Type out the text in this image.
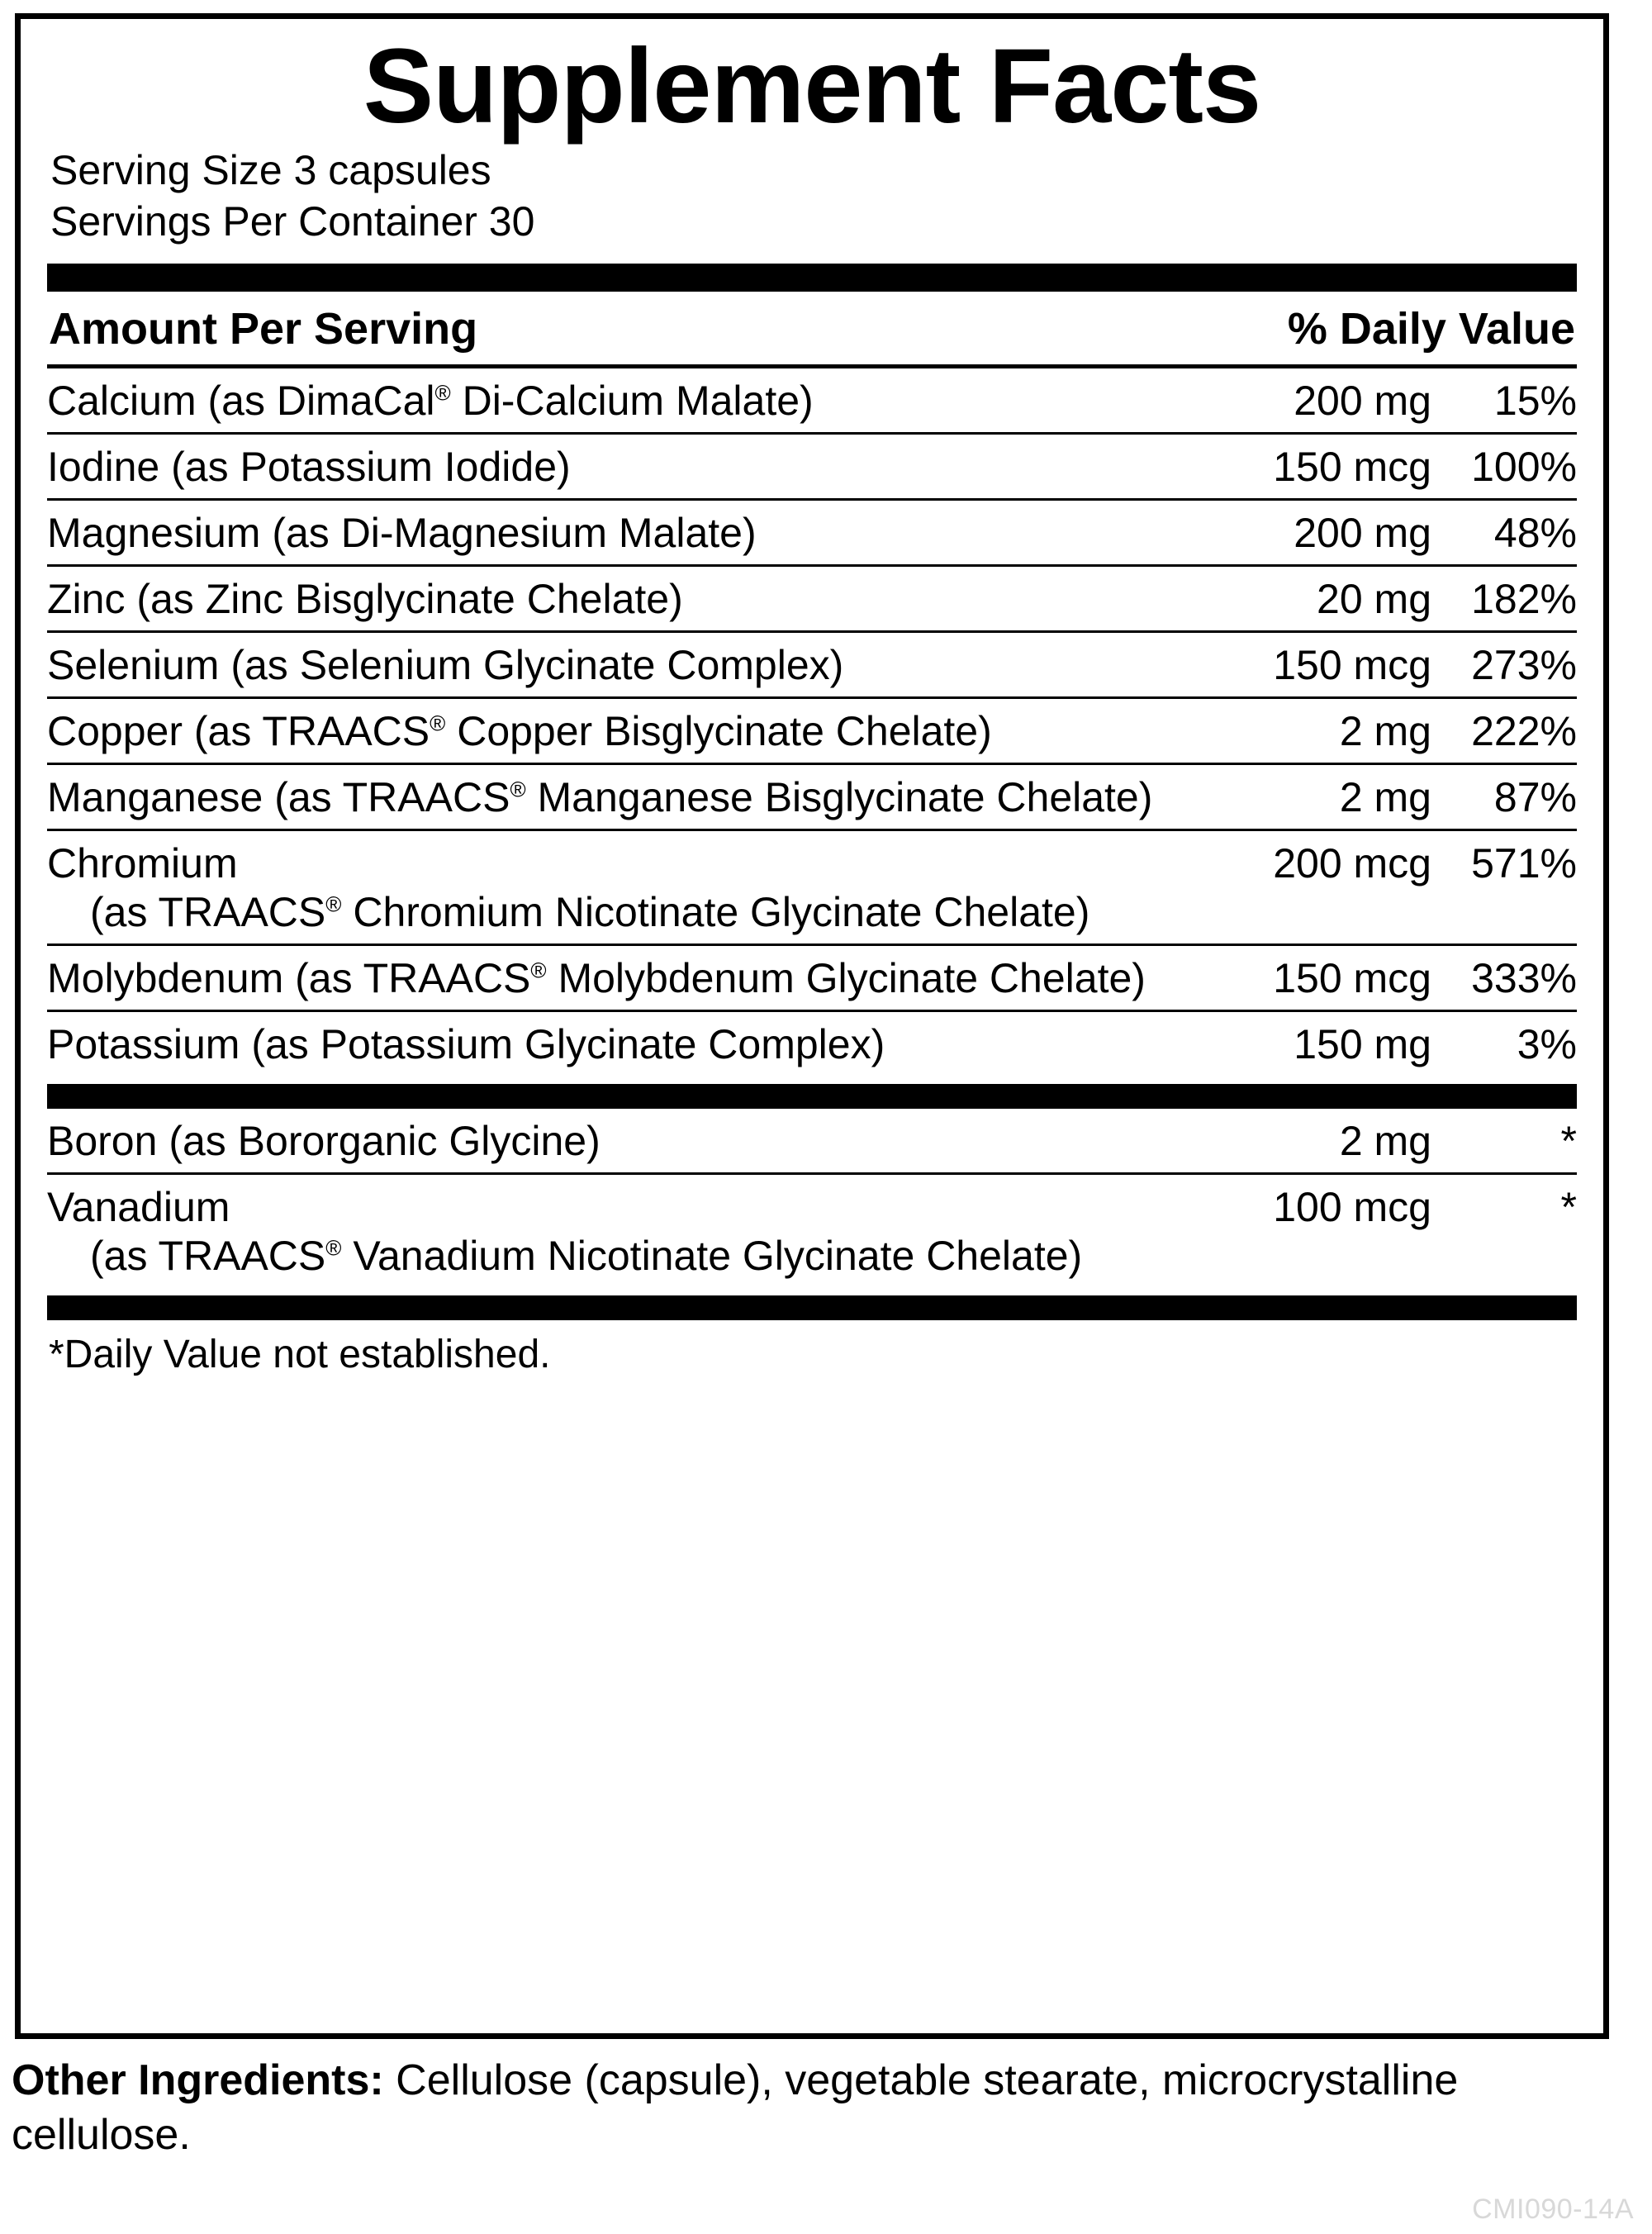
Supplement Facts
Serving Size 3 capsules
Servings Per Container 30
Amount Per Serving	% Daily Value
Calcium (as DimaCal® Di-Calcium Malate)	200 mg	15%
Iodine (as Potassium Iodide)	150 mcg 100%
Magnesium (as Di-Magnesium Malate)	200 mg	48%
Zinc (as Zinc Bisglycinate Chelate)	20 mg 182%
Selenium (as Selenium Glycinate Complex)	150 mcg 273%
Copper (as TRAACS® Copper Bisglycinate Chelate)	2 mg 222%
Manganese (as TRAACS® Manganese Bisglycinate Chelate)	2 mg	87%
Chromium	200 mcg 571%
(as TRAACS® Chromium Nicotinate Glycinate Chelate)
Molybdenum (as TRAACS® Molybdenum Glycinate Chelate)	150 mcg 333%
Potassium (as Potassium Glycinate Complex)	150 mg	3%
Boron (as Bororganic Glycine)	2 mg	*
Vanadium	100 mcg	*
(as TRAACS® Vanadium Nicotinate Glycinate Chelate)
*Daily Value not established.
Other Ingredients: Cellulose (capsule), vegetable stearate, microcrystalline cellulose.
CMI090-14A
